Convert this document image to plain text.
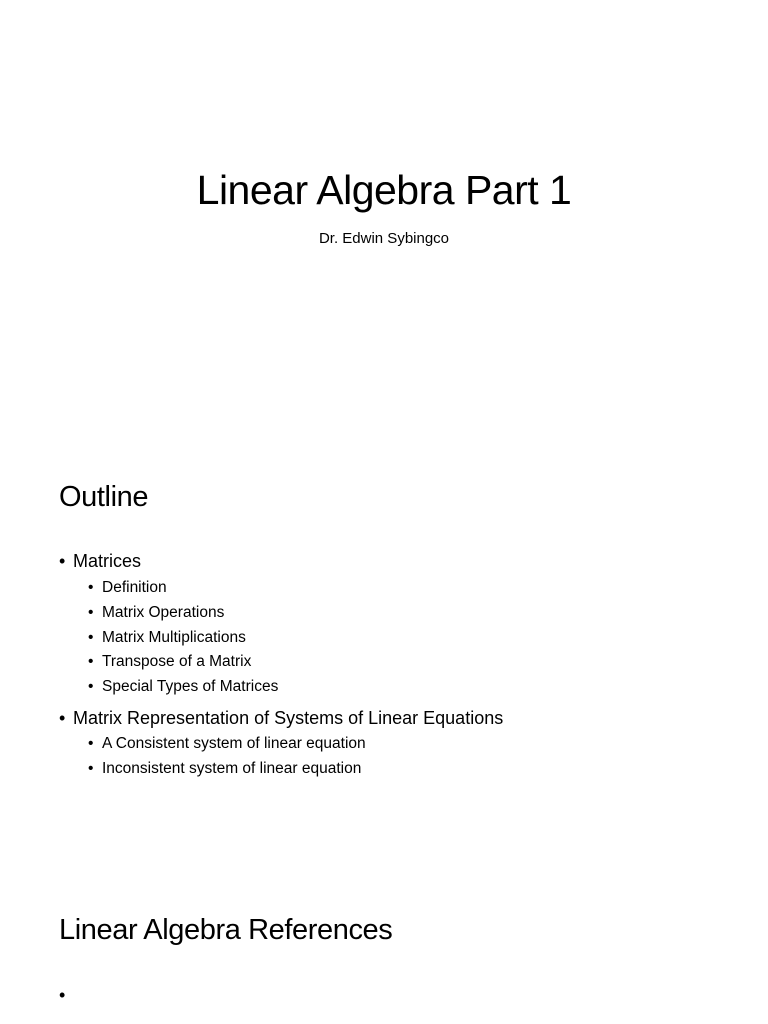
Linear Algebra Part 1
Dr. Edwin Sybingco
Outline
• Matrices
• Definition
• Matrix Operations
• Matrix Multiplications
• Transpose of a Matrix
• Special Types of Matrices
• Matrix Representation of Systems of Linear Equations
• A Consistent system of linear equation
• Inconsistent system of linear equation
Linear Algebra References
•
